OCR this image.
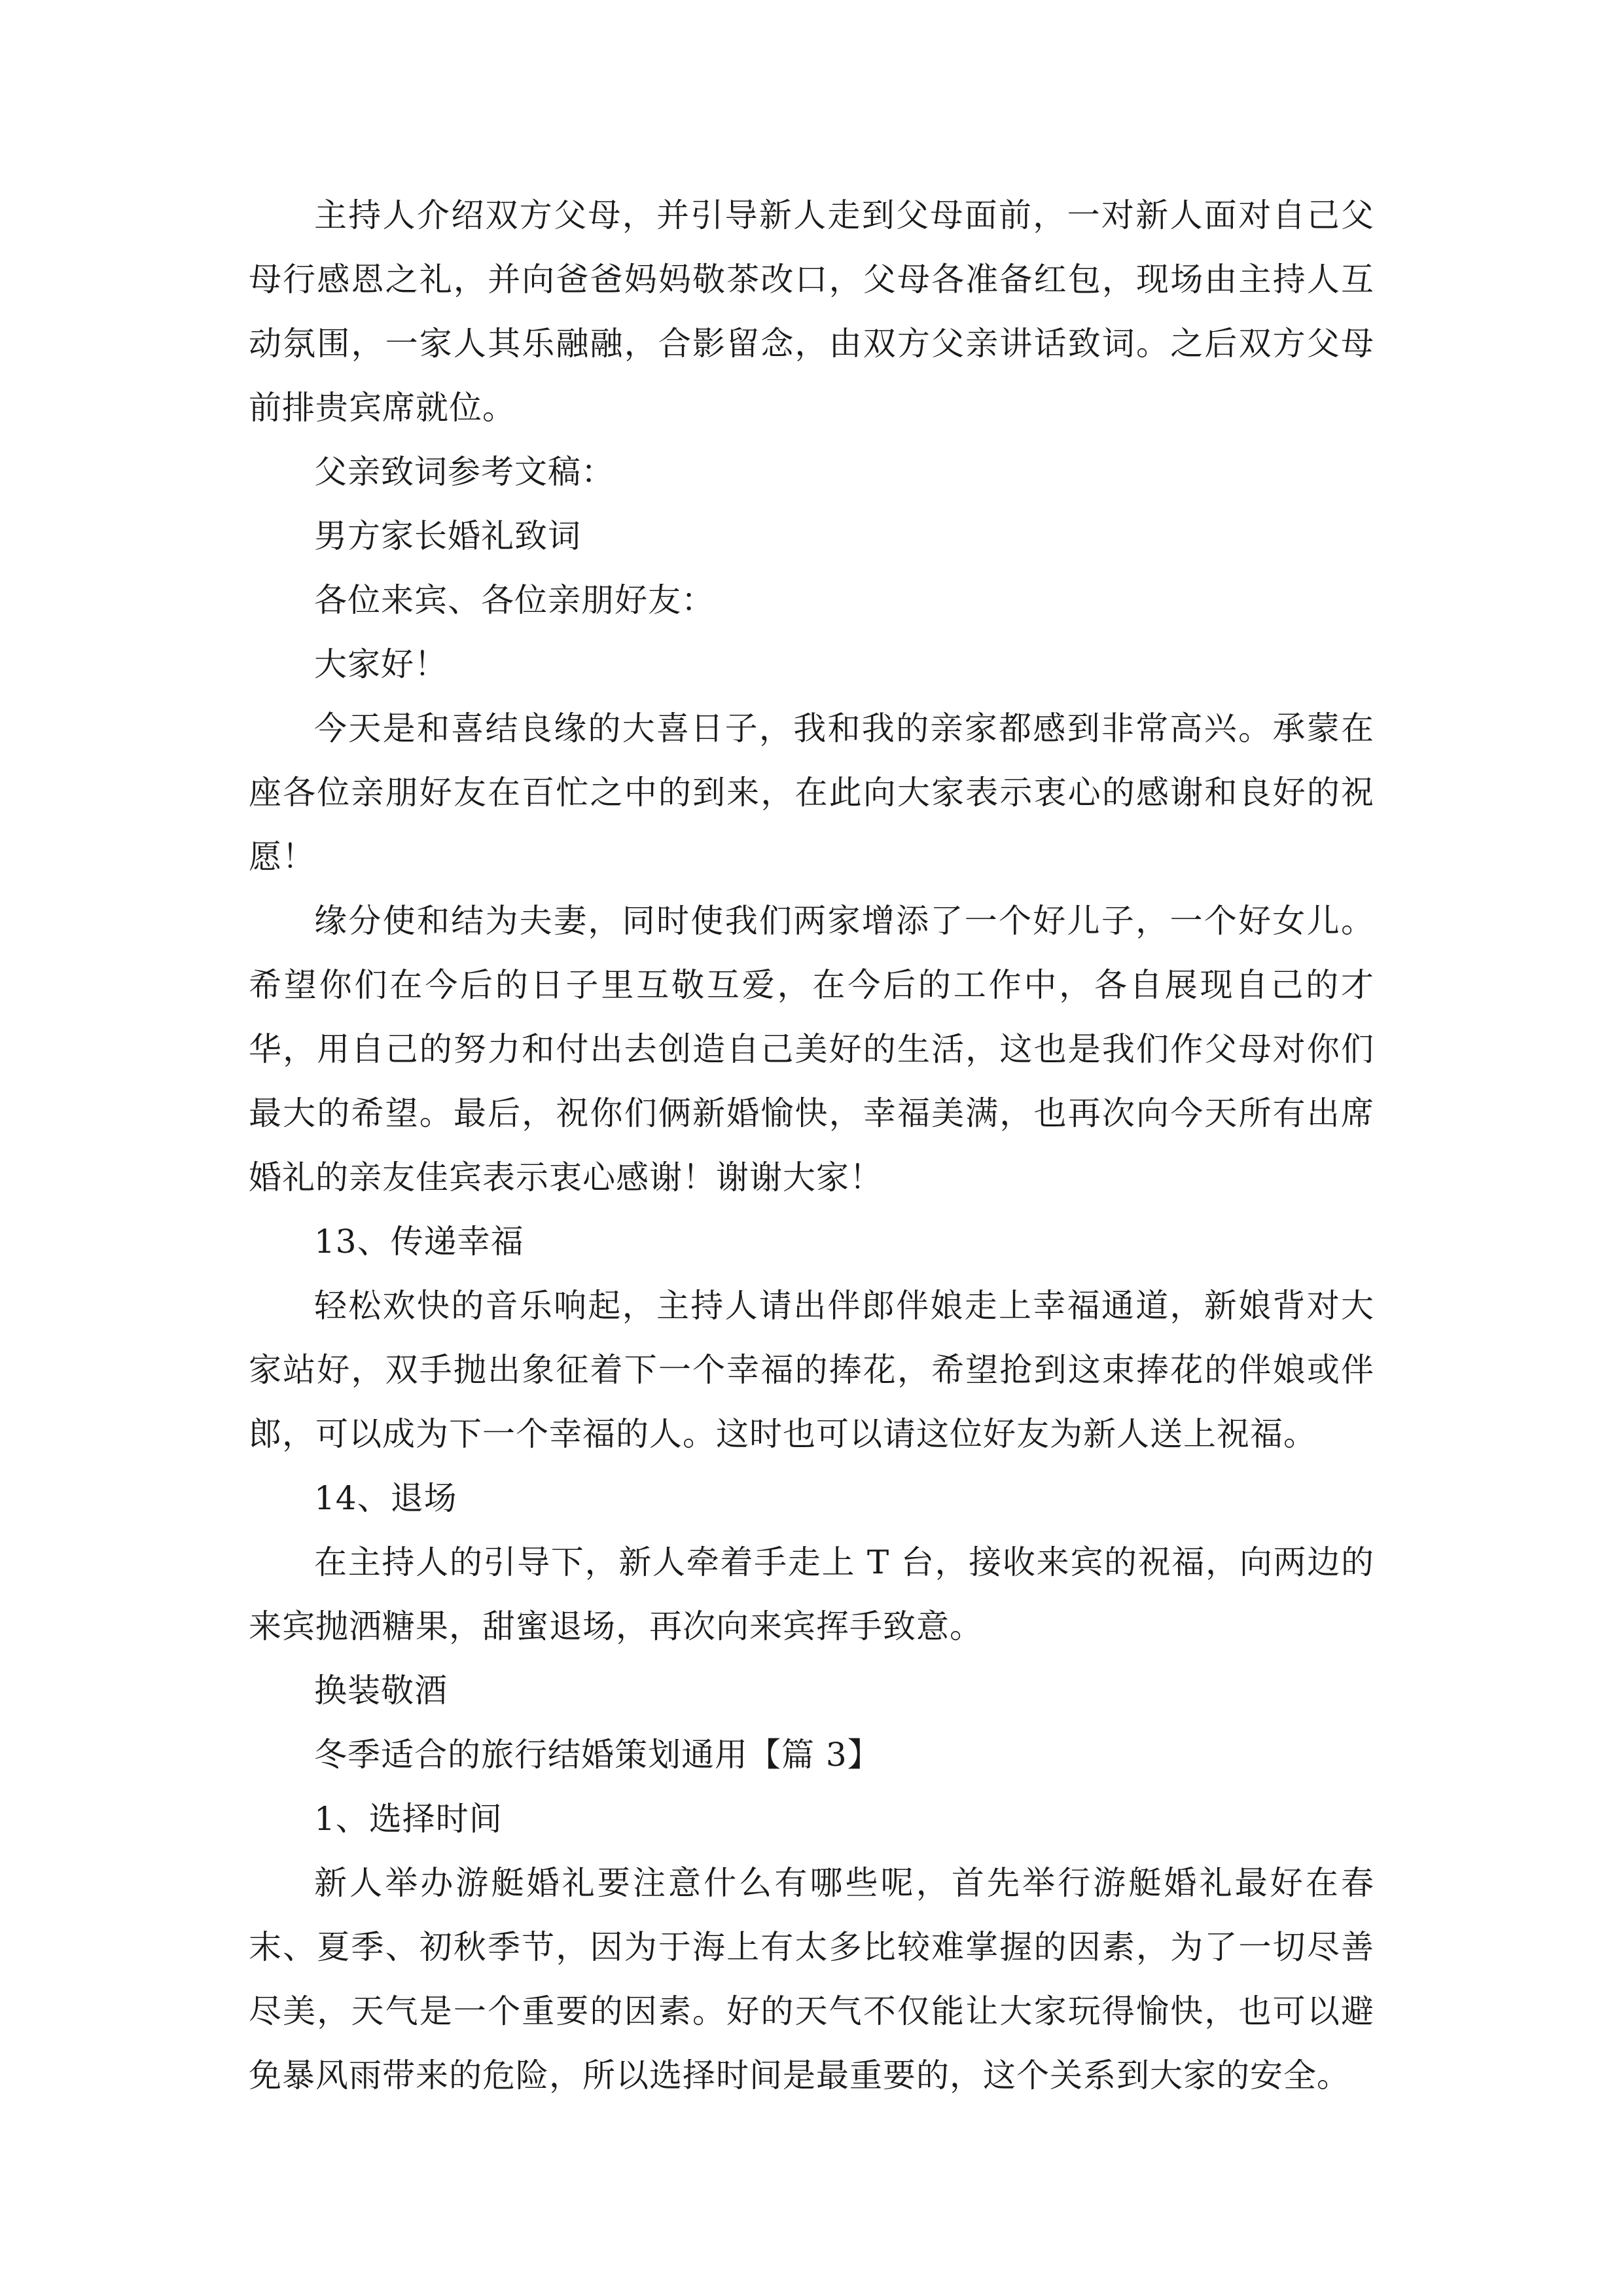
主持人介绍双方父母，并引导新人走到父母面前，一对新人面对自己父母行感恩之礼，并向爸爸妈妈敬茶改口，父母各准备红包，现场由主持人互动氛围，一家人其乐融融，合影留念，由双方父亲讲话致词。之后双方父母前排贵宾席就位。

父亲致词参考文稿：

男方家长婚礼致词

各位来宾、各位亲朋好友：

大家好！

今天是和喜结良缘的大喜日子，我和我的亲家都感到非常高兴。承蒙在座各位亲朋好友在百忙之中的到来，在此向大家表示衷心的感谢和良好的祝愿！

缘分使和结为夫妻，同时使我们两家增添了一个好儿子，一个好女儿。希望你们在今后的日子里互敬互爱，在今后的工作中，各自展现自己的才华，用自己的努力和付出去创造自己美好的生活，这也是我们作父母对你们最大的希望。最后，祝你们俩新婚愉快，幸福美满，也再次向今天所有出席婚礼的亲友佳宾表示衷心感谢！谢谢大家！

13、传递幸福

轻松欢快的音乐响起，主持人请出伴郎伴娘走上幸福通道，新娘背对大家站好，双手抛出象征着下一个幸福的捧花，希望抢到这束捧花的伴娘或伴郎，可以成为下一个幸福的人。这时也可以请这位好友为新人送上祝福。

14、退场

在主持人的引导下，新人牵着手走上 T 台，接收来宾的祝福，向两边的来宾抛洒糖果，甜蜜退场，再次向来宾挥手致意。

换装敬酒

冬季适合的旅行结婚策划通用【篇 3】

1、选择时间

新人举办游艇婚礼要注意什么有哪些呢，首先举行游艇婚礼最好在春末、夏季、初秋季节，因为于海上有太多比较难掌握的因素，为了一切尽善尽美，天气是一个重要的因素。好的天气不仅能让大家玩得愉快，也可以避免暴风雨带来的危险，所以选择时间是最重要的，这个关系到大家的安全。
